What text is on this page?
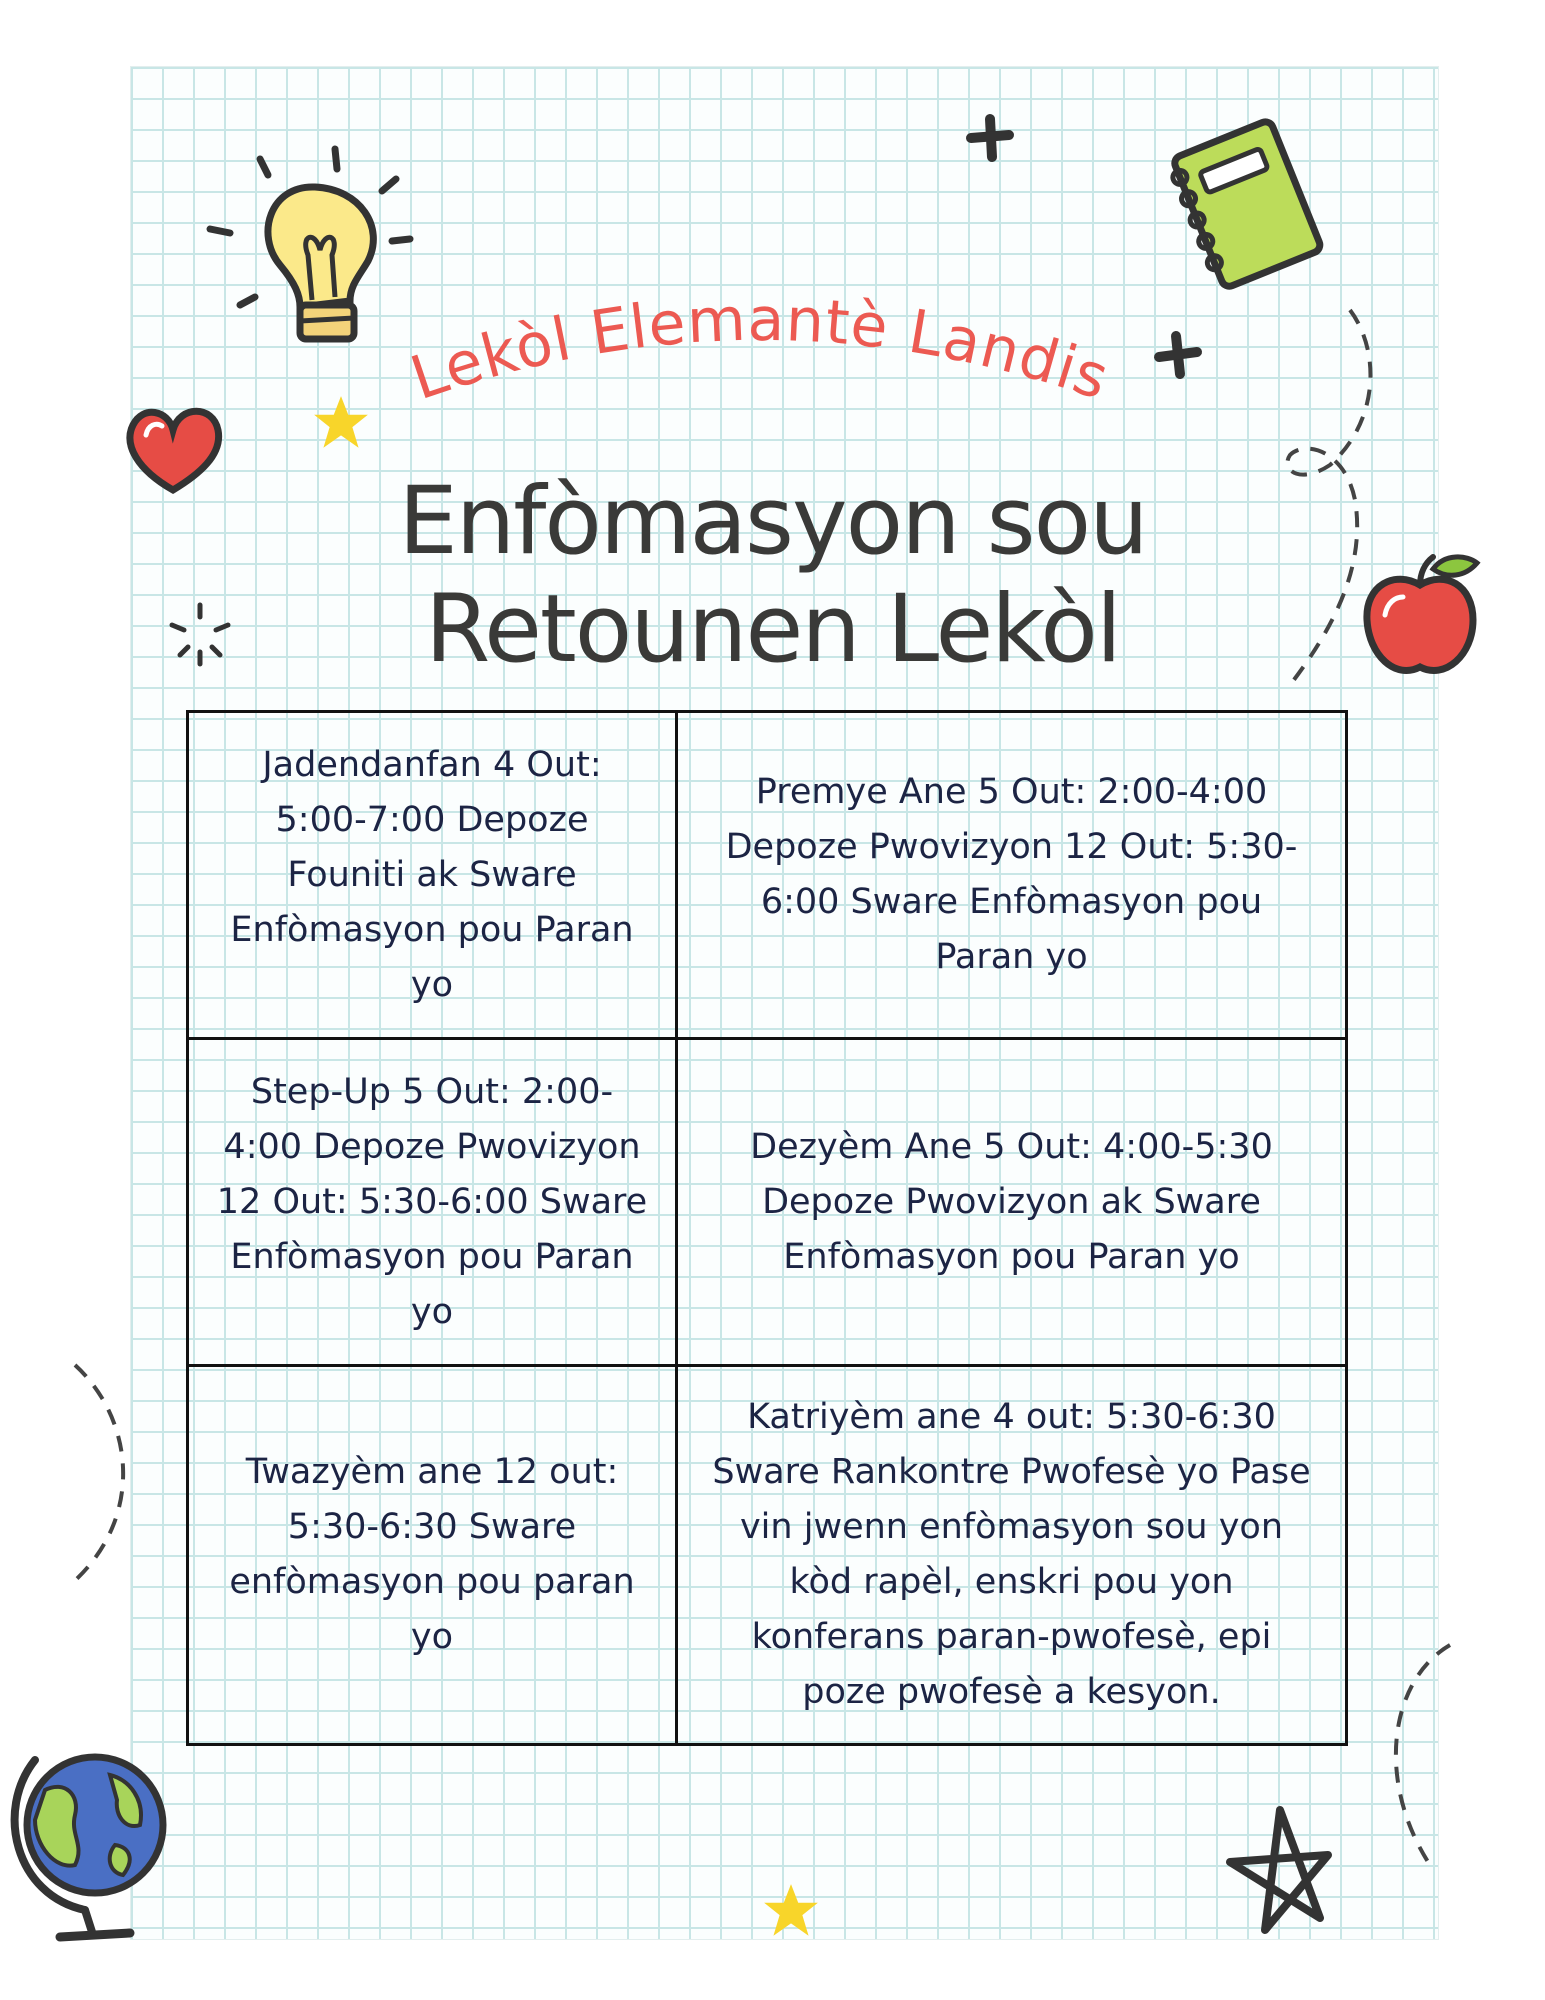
Lekòl Elemantè Landis
Enfòmasyon sou
Retounen Lekòl
Jadendanfan 4 Out: 5:00-7:00 Depoze Founiti ak Sware Enfòmasyon pou Paran yo
Premye Ane 5 Out: 2:00-4:00 Depoze Pwovizyon 12 Out: 5:30-6:00 Sware Enfòmasyon pou Paran yo
Step-Up 5 Out: 2:00-4:00 Depoze Pwovizyon 12 Out: 5:30-6:00 Sware Enfòmasyon pou Paran yo
Dezyèm Ane 5 Out: 4:00-5:30 Depoze Pwovizyon ak Sware Enfòmasyon pou Paran yo
Twazyèm ane 12 out: 5:30-6:30 Sware enfòmasyon pou paran yo
Katriyèm ane 4 out: 5:30-6:30 Sware Rankontre Pwofesè yo Pase vin jwenn enfòmasyon sou yon kòd rapèl, enskri pou yon konferans paran-pwofesè, epi poze pwofesè a kesyon.
